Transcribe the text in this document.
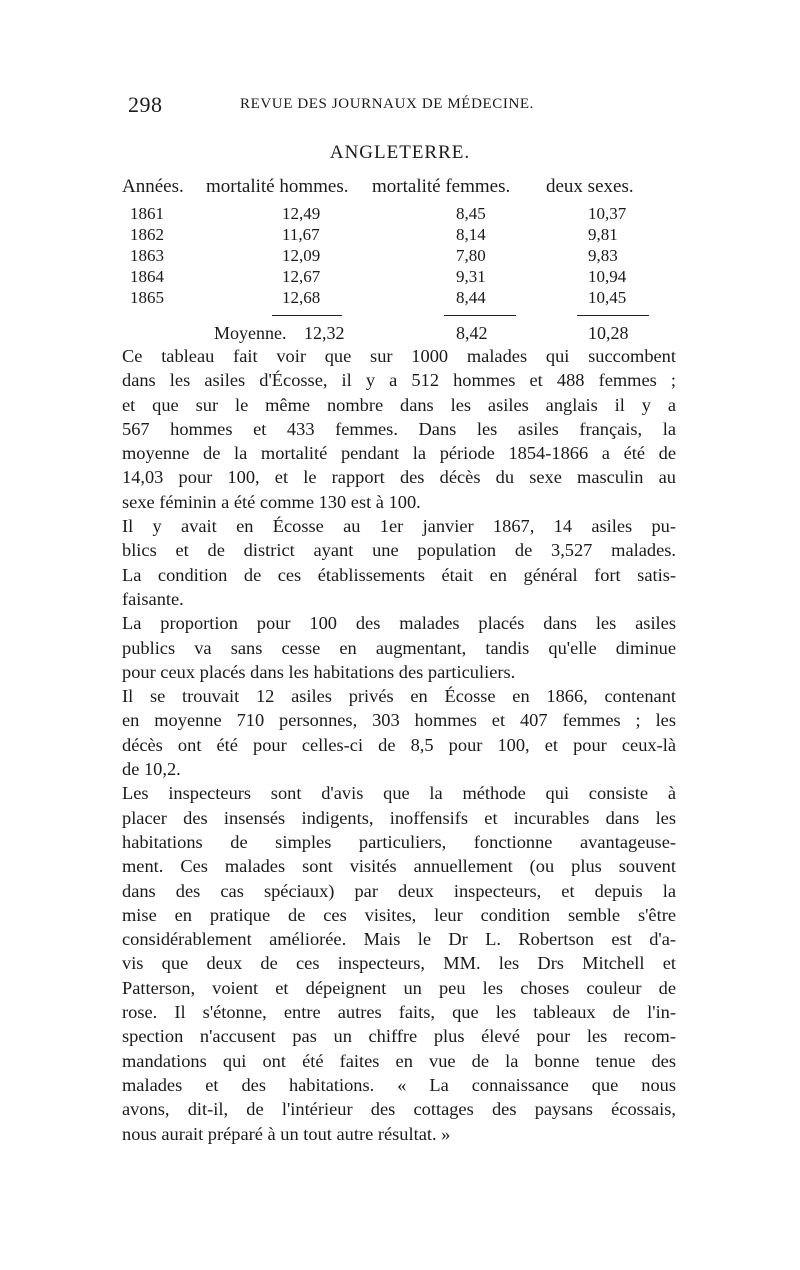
298	REVUE DES JOURNAUX DE MÉDECINE.
ANGLETERRE.
Années. mortalité hommes. mortalité femmes. deux sexes.
1861	12,49	8,45	10,37
1862	11,67	8,14	9,81
1863	12,09	7,80	9,83
1864	12,67	9,31	10,94
1865	12,68	8,44	10,45
Moyenne. 12,32	8,42	10,28
Ce tableau fait voir que sur 1000 malades qui succombent
dans les asiles d'Écosse, il y a 512 hommes et 488 femmes ;
et que sur le même nombre dans les asiles anglais il y a
567 hommes et 433 femmes. Dans les asiles français, la
moyenne de la mortalité pendant la période 1854-1866 a été de
14,03 pour 100, et le rapport des décès du sexe masculin au
sexe féminin a été comme 130 est à 100.
Il y avait en Écosse au 1er janvier 1867, 14 asiles pu-
blics et de district ayant une population de 3,527 malades.
La condition de ces établissements était en général fort satis-
faisante.
La proportion pour 100 des malades placés dans les asiles
publics va sans cesse en augmentant, tandis qu'elle diminue
pour ceux placés dans les habitations des particuliers.
Il se trouvait 12 asiles privés en Écosse en 1866, contenant
en moyenne 710 personnes, 303 hommes et 407 femmes ; les
décès ont été pour celles-ci de 8,5 pour 100, et pour ceux-là
de 10,2.
Les inspecteurs sont d'avis que la méthode qui consiste à
placer des insensés indigents, inoffensifs et incurables dans les
habitations de simples particuliers, fonctionne avantageuse-
ment. Ces malades sont visités annuellement (ou plus souvent
dans des cas spéciaux) par deux inspecteurs, et depuis la
mise en pratique de ces visites, leur condition semble s'être
considérablement améliorée. Mais le Dr L. Robertson est d'a-
vis que deux de ces inspecteurs, MM. les Drs Mitchell et
Patterson, voient et dépeignent un peu les choses couleur de
rose. Il s'étonne, entre autres faits, que les tableaux de l'in-
spection n'accusent pas un chiffre plus élevé pour les recom-
mandations qui ont été faites en vue de la bonne tenue des
malades et des habitations. « La connaissance que nous
avons, dit-il, de l'intérieur des cottages des paysans écossais,
nous aurait préparé à un tout autre résultat. »
